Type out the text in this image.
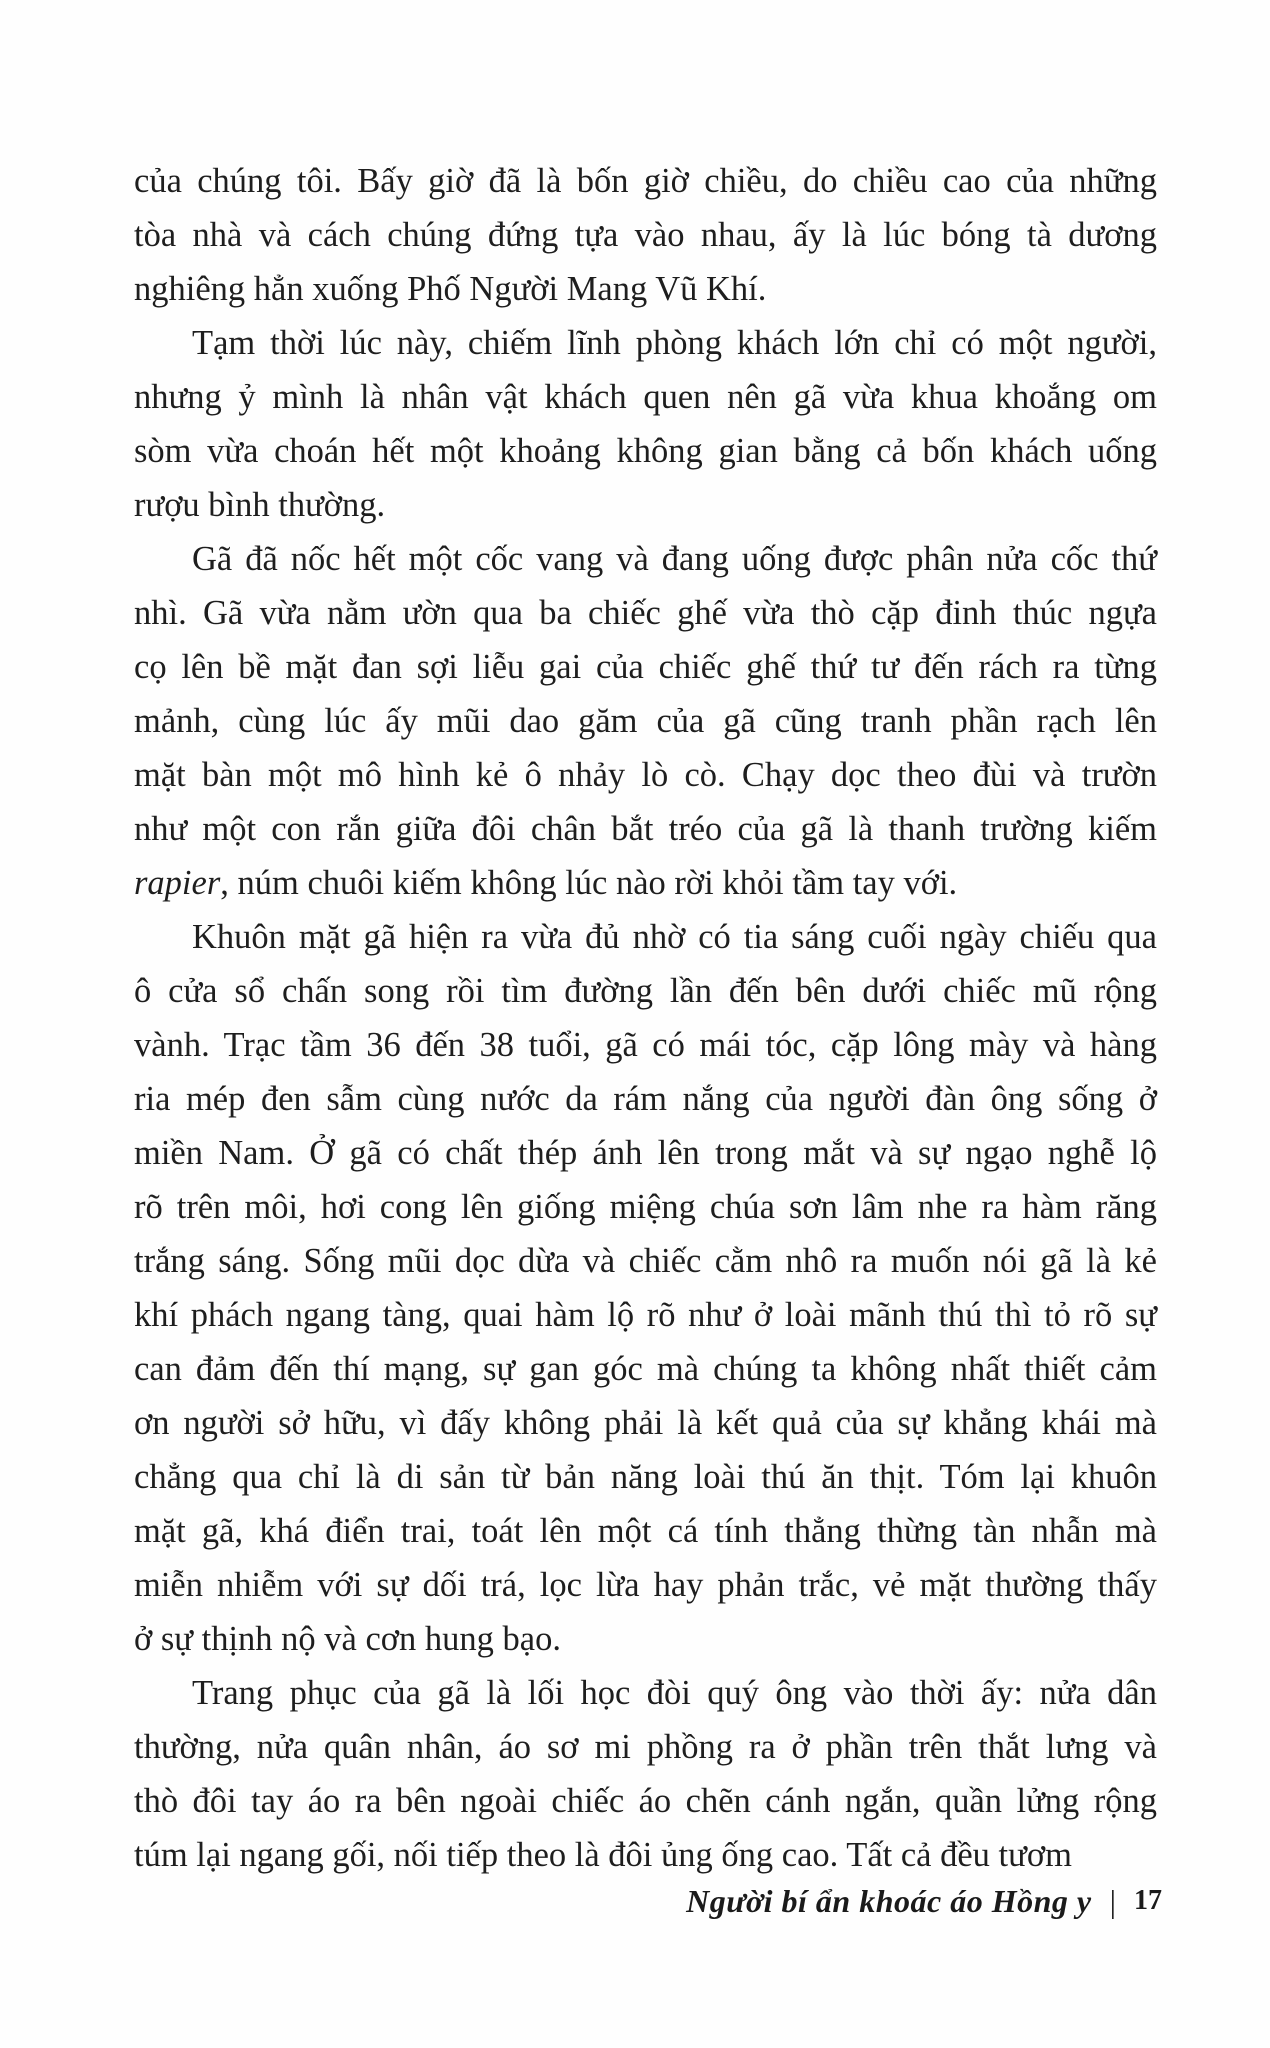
của chúng tôi. Bấy giờ đã là bốn giờ chiều, do chiều cao của những
tòa nhà và cách chúng đứng tựa vào nhau, ấy là lúc bóng tà dương
nghiêng hẳn xuống Phố Người Mang Vũ Khí.
Tạm thời lúc này, chiếm lĩnh phòng khách lớn chỉ có một người,
nhưng ỷ mình là nhân vật khách quen nên gã vừa khua khoắng om
sòm vừa choán hết một khoảng không gian bằng cả bốn khách uống
rượu bình thường.
Gã đã nốc hết một cốc vang và đang uống được phân nửa cốc thứ
nhì. Gã vừa nằm ườn qua ba chiếc ghế vừa thò cặp đinh thúc ngựa
cọ lên bề mặt đan sợi liễu gai của chiếc ghế thứ tư đến rách ra từng
mảnh, cùng lúc ấy mũi dao găm của gã cũng tranh phần rạch lên
mặt bàn một mô hình kẻ ô nhảy lò cò. Chạy dọc theo đùi và trườn
như một con rắn giữa đôi chân bắt tréo của gã là thanh trường kiếm
rapier, núm chuôi kiếm không lúc nào rời khỏi tầm tay với.
Khuôn mặt gã hiện ra vừa đủ nhờ có tia sáng cuối ngày chiếu qua
ô cửa sổ chấn song rồi tìm đường lần đến bên dưới chiếc mũ rộng
vành. Trạc tầm 36 đến 38 tuổi, gã có mái tóc, cặp lông mày và hàng
ria mép đen sẫm cùng nước da rám nắng của người đàn ông sống ở
miền Nam. Ở gã có chất thép ánh lên trong mắt và sự ngạo nghễ lộ
rõ trên môi, hơi cong lên giống miệng chúa sơn lâm nhe ra hàm răng
trắng sáng. Sống mũi dọc dừa và chiếc cằm nhô ra muốn nói gã là kẻ
khí phách ngang tàng, quai hàm lộ rõ như ở loài mãnh thú thì tỏ rõ sự
can đảm đến thí mạng, sự gan góc mà chúng ta không nhất thiết cảm
ơn người sở hữu, vì đấy không phải là kết quả của sự khẳng khái mà
chẳng qua chỉ là di sản từ bản năng loài thú ăn thịt. Tóm lại khuôn
mặt gã, khá điển trai, toát lên một cá tính thẳng thừng tàn nhẫn mà
miễn nhiễm với sự dối trá, lọc lừa hay phản trắc, vẻ mặt thường thấy
ở sự thịnh nộ và cơn hung bạo.
Trang phục của gã là lối học đòi quý ông vào thời ấy: nửa dân
thường, nửa quân nhân, áo sơ mi phồng ra ở phần trên thắt lưng và
thò đôi tay áo ra bên ngoài chiếc áo chẽn cánh ngắn, quần lửng rộng
túm lại ngang gối, nối tiếp theo là đôi ủng ống cao. Tất cả đều tươm
Người bí ẩn khoác áo Hồng y | 17
